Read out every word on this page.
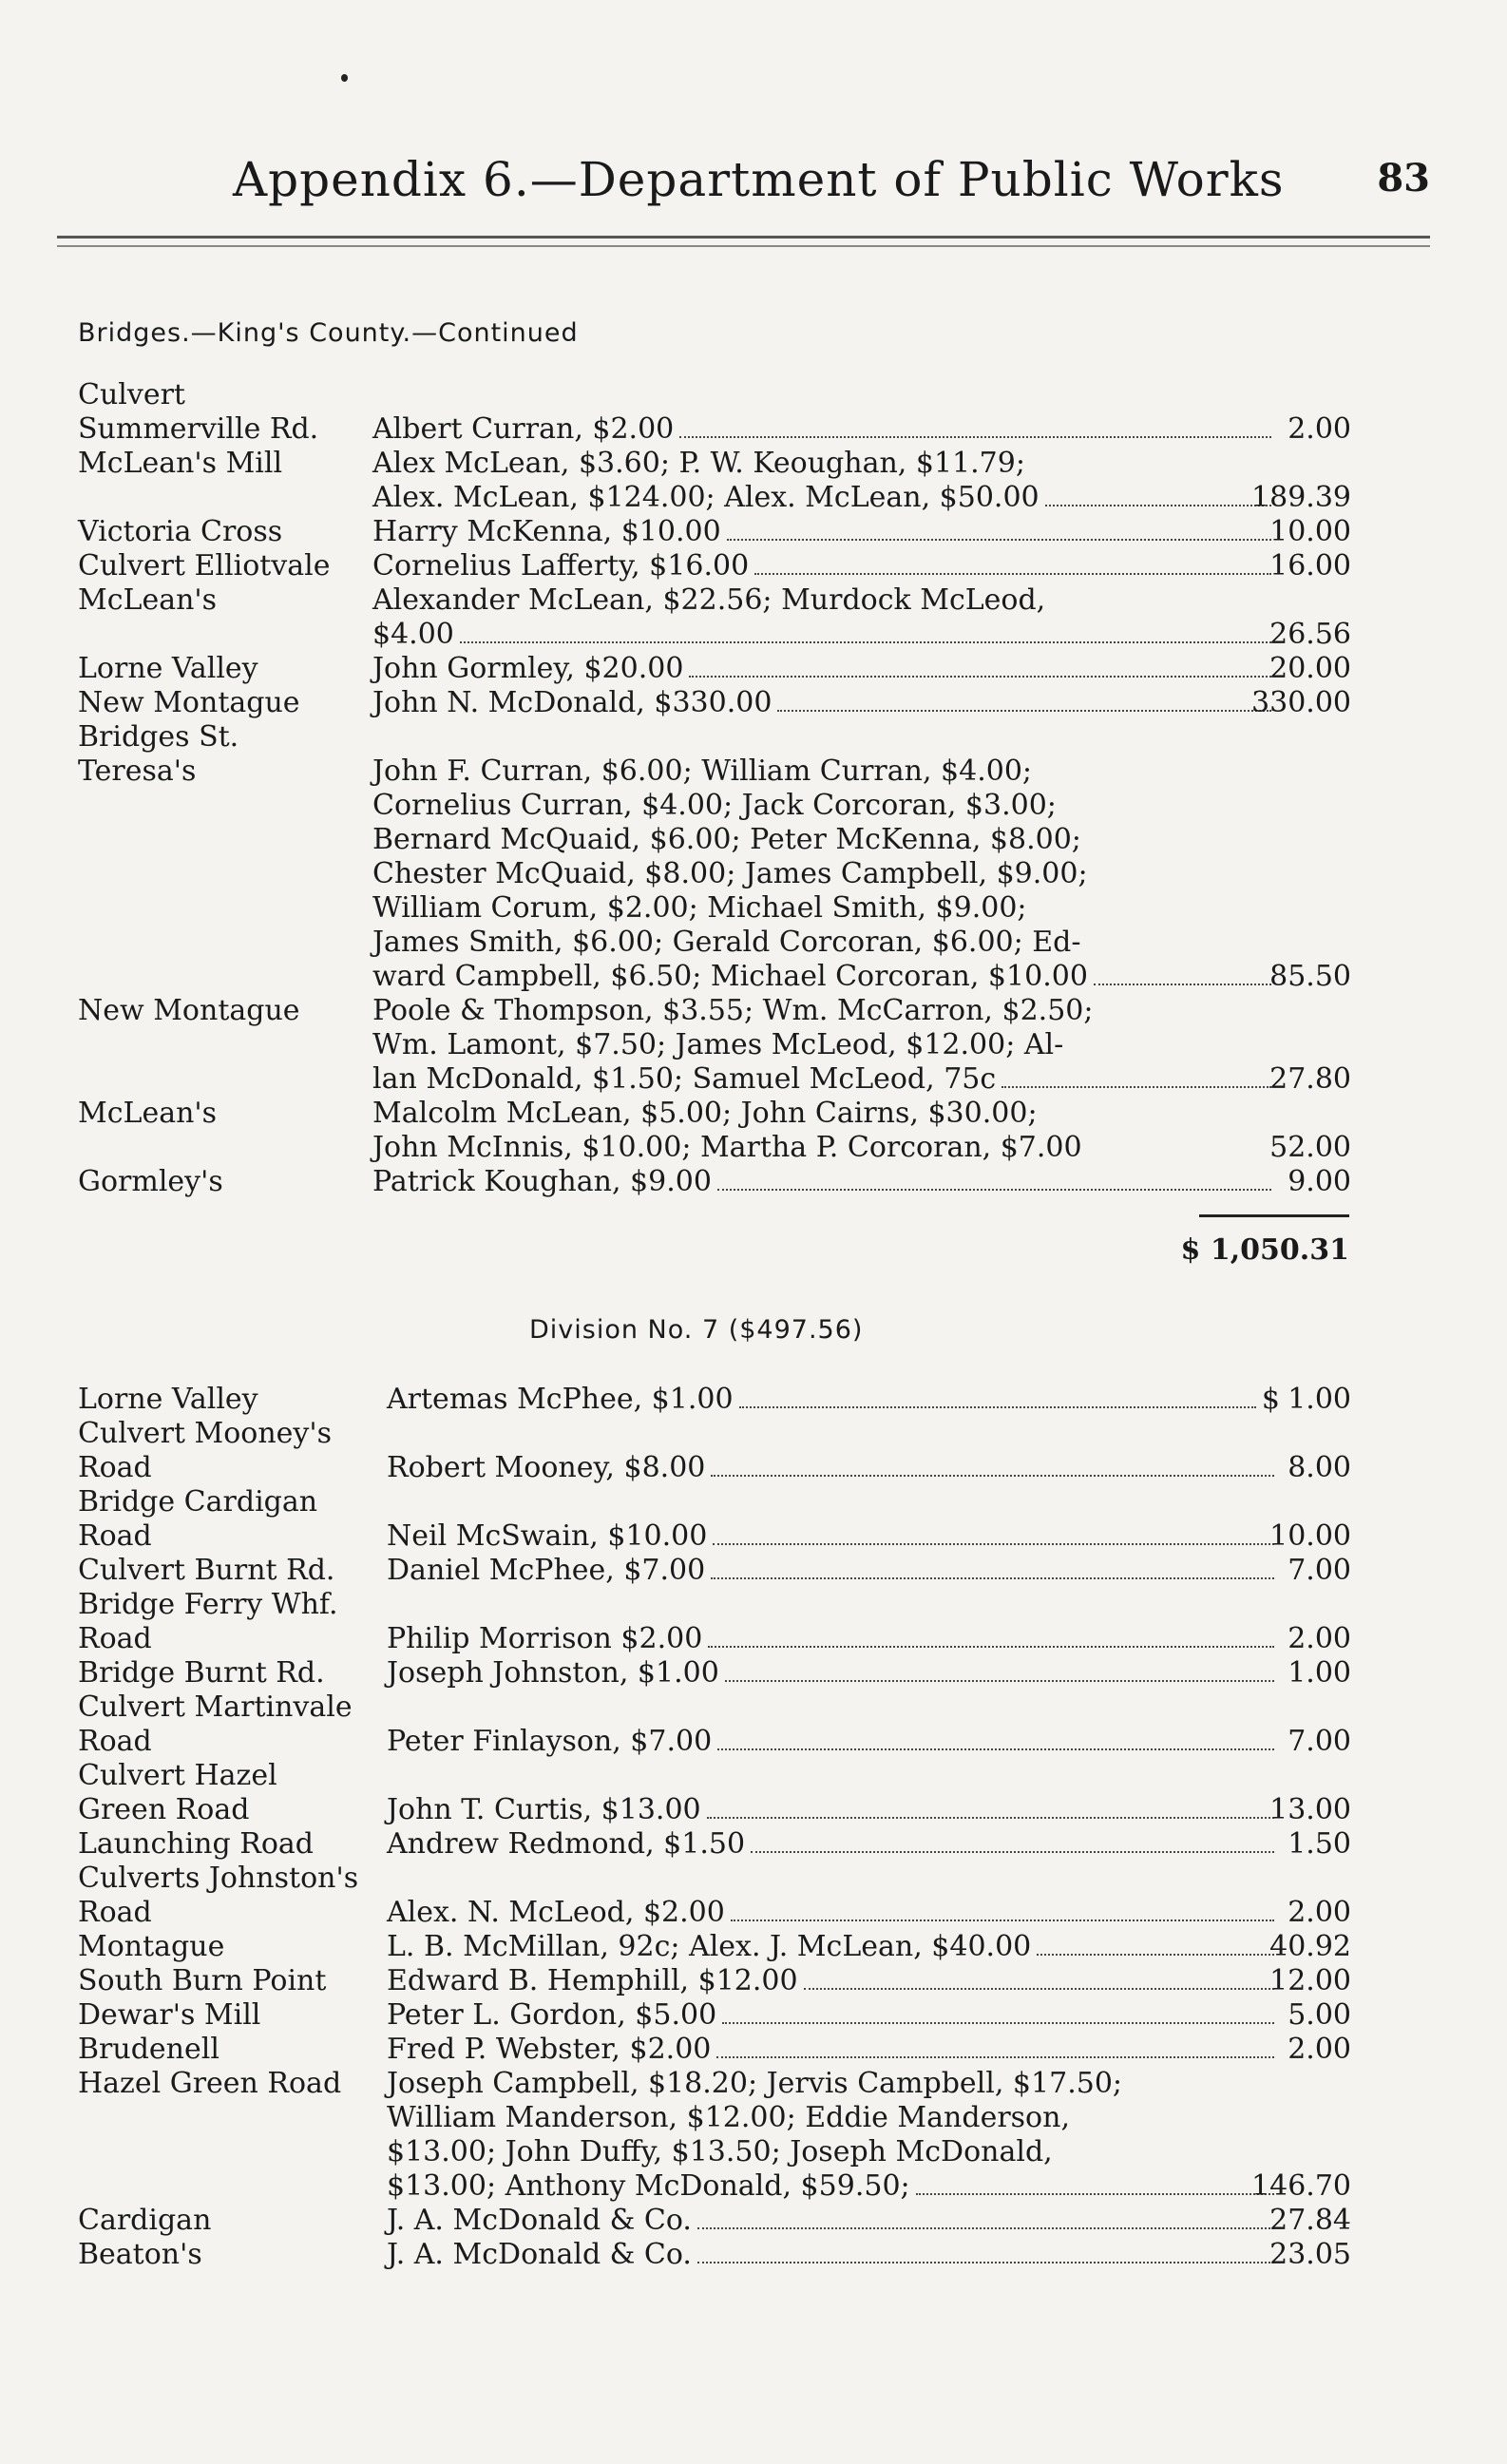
Appendix 6.—Department of Public Works 83
Bridges.—King's County.—Continued
Culvert
Summerville Rd.	Albert Curran, $2.00	2.00
McLean's Mill	Alex McLean, $3.60; P. W. Keoughan, $11.79;
Alex. McLean, $124.00; Alex. McLean, $50.00	189.39
Victoria Cross	Harry McKenna, $10.00	10.00
Culvert Elliotvale	Cornelius Lafferty, $16.00	16.00
McLean's	Alexander McLean, $22.56; Murdock McLeod,
$4.00	26.56
Lorne Valley	John Gormley, $20.00	20.00
New Montague	John N. McDonald, $330.00	330.00
Bridges St.
Teresa's	John F. Curran, $6.00; William Curran, $4.00;
Cornelius Curran, $4.00; Jack Corcoran, $3.00;
Bernard McQuaid, $6.00; Peter McKenna, $8.00;
Chester McQuaid, $8.00; James Campbell, $9.00;
William Corum, $2.00; Michael Smith, $9.00;
James Smith, $6.00; Gerald Corcoran, $6.00; Ed-
ward Campbell, $6.50; Michael Corcoran, $10.00	85.50
New Montague	Poole & Thompson, $3.55; Wm. McCarron, $2.50;
Wm. Lamont, $7.50; James McLeod, $12.00; Al-
lan McDonald, $1.50; Samuel McLeod, 75c	27.80
McLean's	Malcolm McLean, $5.00; John Cairns, $30.00;
John McInnis, $10.00; Martha P. Corcoran, $7.00	52.00
Gormley's	Patrick Koughan, $9.00	9.00
$ 1,050.31
Division No. 7 ($497.56)
Lorne Valley	Artemas McPhee, $1.00	$ 1.00
Culvert Mooney's
Road	Robert Mooney, $8.00	8.00
Bridge Cardigan
Road	Neil McSwain, $10.00	10.00
Culvert Burnt Rd.	Daniel McPhee, $7.00	7.00
Bridge Ferry Whf.
Road	Philip Morrison $2.00	2.00
Bridge Burnt Rd.	Joseph Johnston, $1.00	1.00
Culvert Martinvale
Road	Peter Finlayson, $7.00	7.00
Culvert Hazel
Green Road	John T. Curtis, $13.00	13.00
Launching Road	Andrew Redmond, $1.50	1.50
Culverts Johnston's
Road	Alex. N. McLeod, $2.00	2.00
Montague	L. B. McMillan, 92c; Alex. J. McLean, $40.00	40.92
South Burn Point	Edward B. Hemphill, $12.00	12.00
Dewar's Mill	Peter L. Gordon, $5.00	5.00
Brudenell	Fred P. Webster, $2.00	2.00
Hazel Green Road	Joseph Campbell, $18.20; Jervis Campbell, $17.50;
William Manderson, $12.00; Eddie Manderson,
$13.00; John Duffy, $13.50; Joseph McDonald,
$13.00; Anthony McDonald, $59.50;	146.70
Cardigan	J. A. McDonald & Co.	27.84
Beaton's	J. A. McDonald & Co.	23.05
